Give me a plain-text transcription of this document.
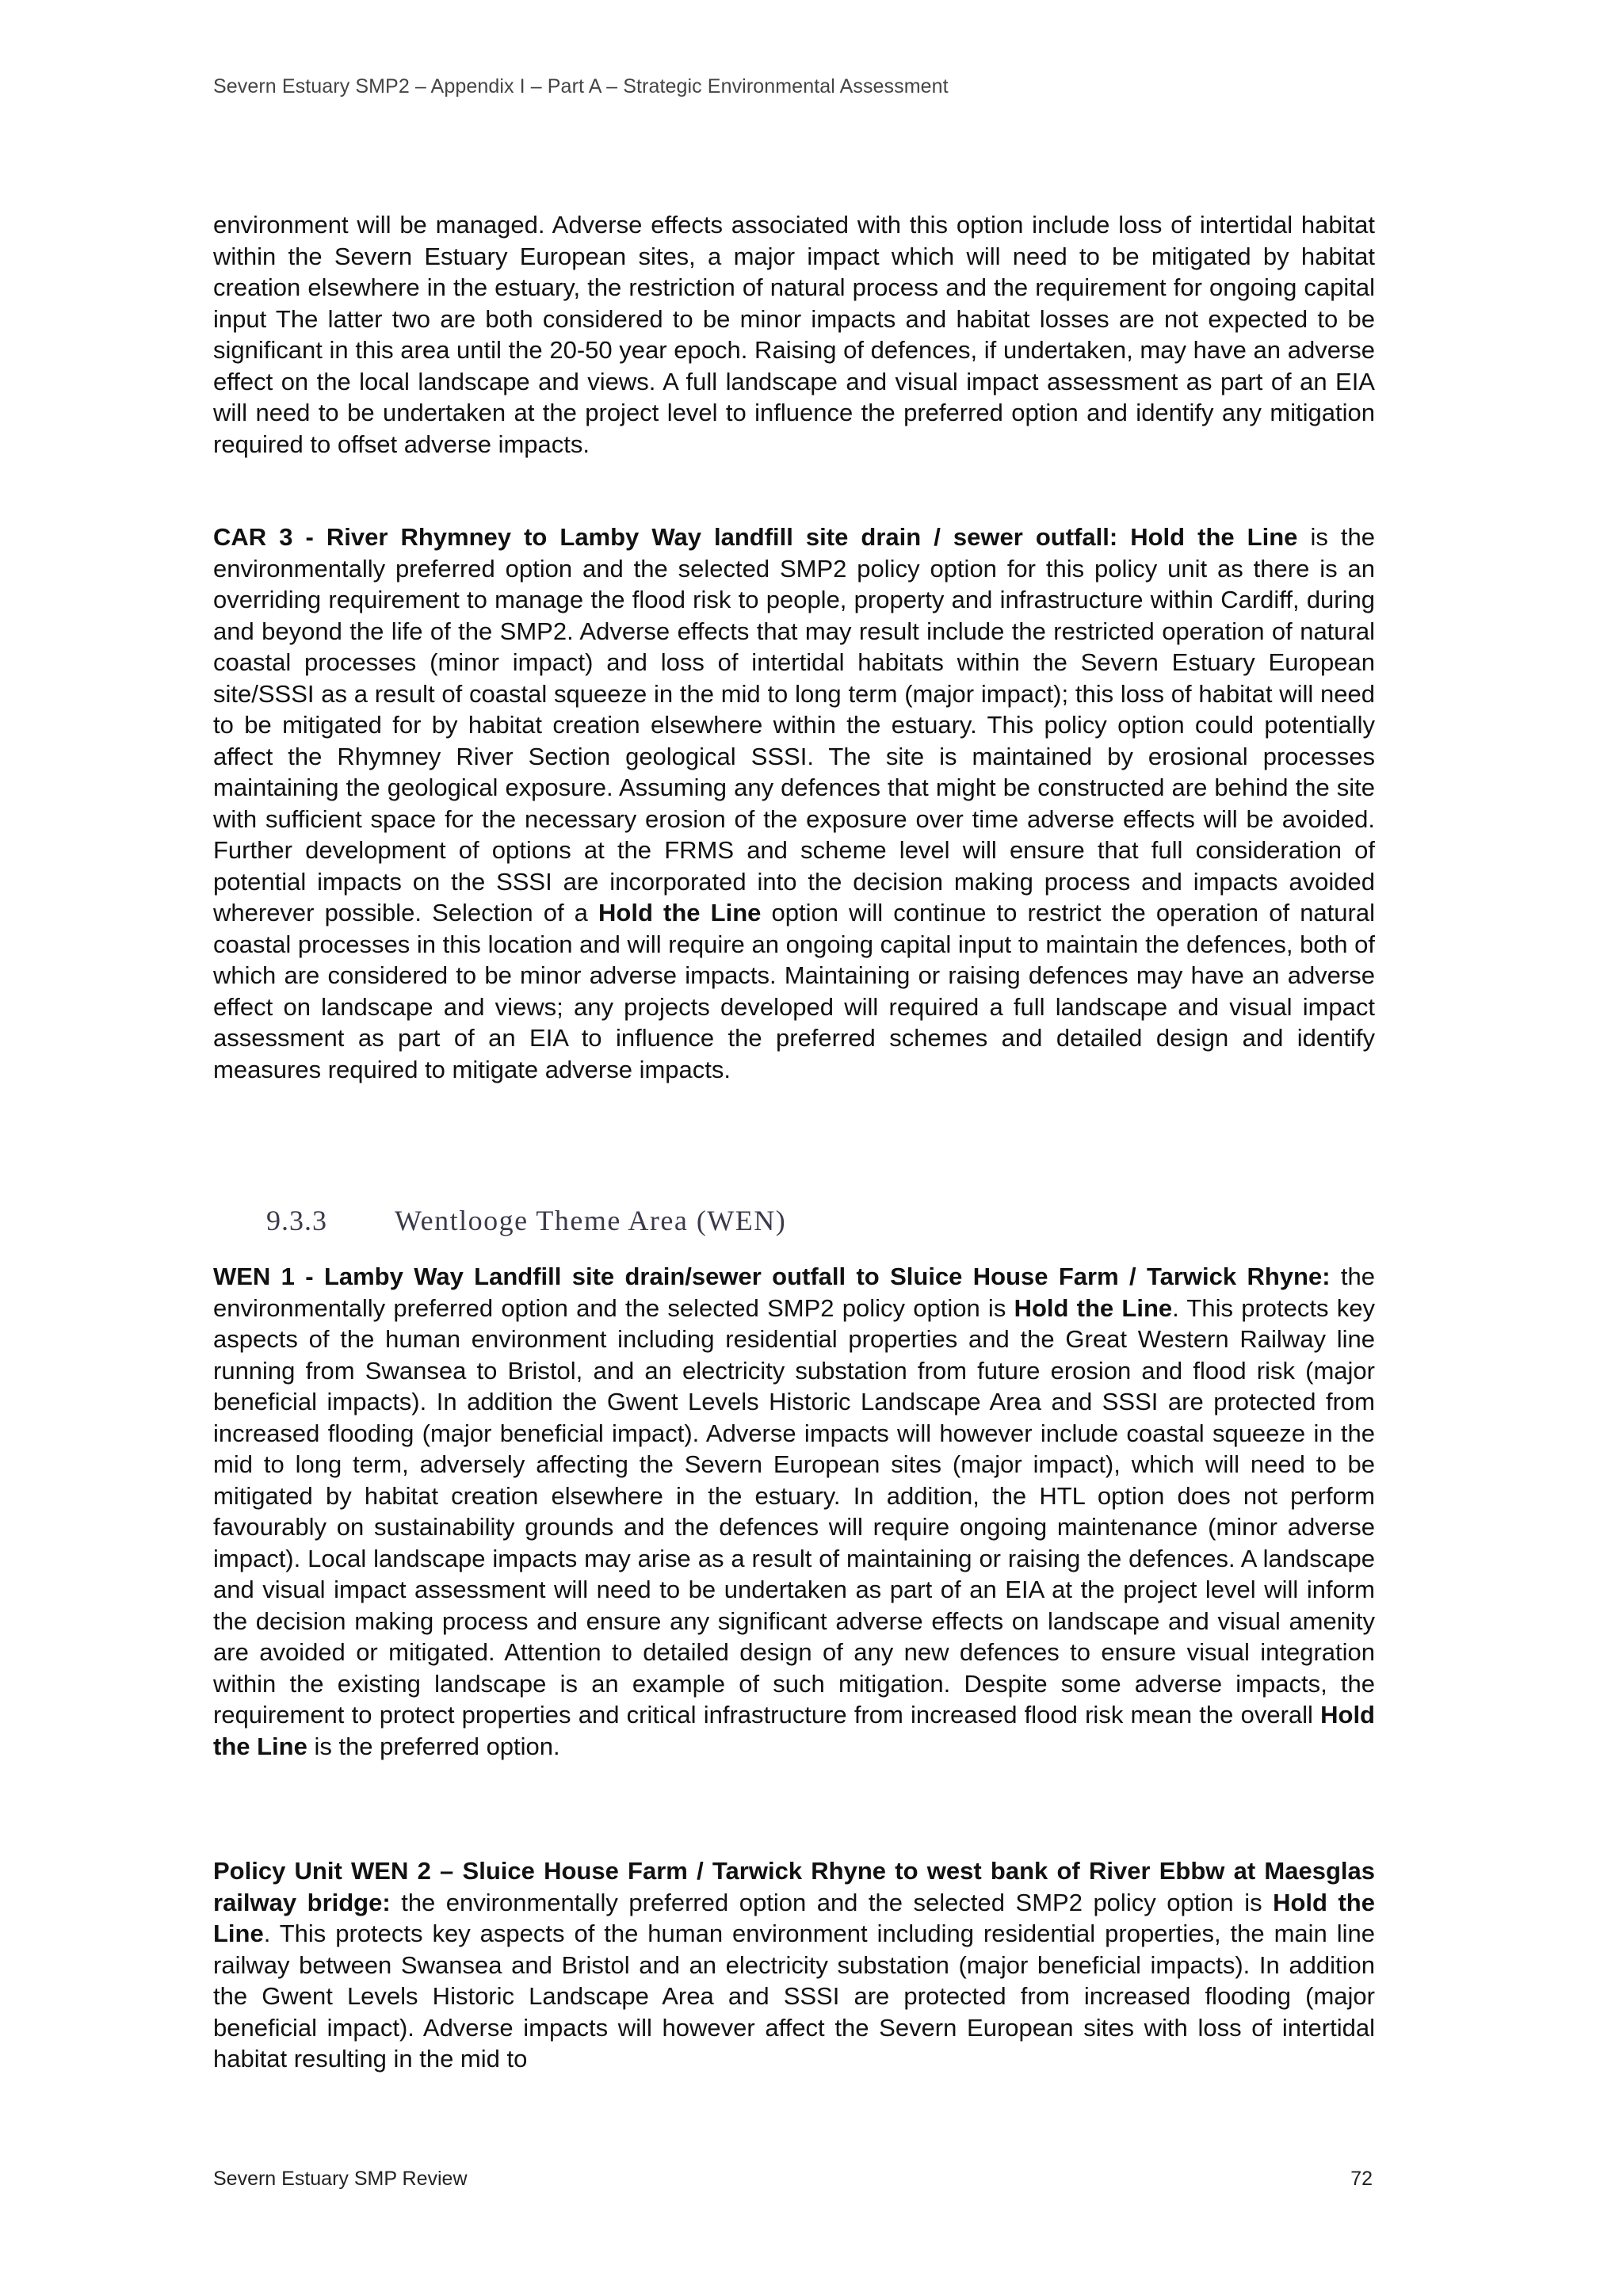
Severn Estuary SMP2 – Appendix I – Part A – Strategic Environmental Assessment

environment will be managed. Adverse effects associated with this option include loss of intertidal habitat within the Severn Estuary European sites, a major impact which will need to be mitigated by habitat creation elsewhere in the estuary, the restriction of natural process and the requirement for ongoing capital input The latter two are both considered to be minor impacts and habitat losses are not expected to be significant in this area until the 20-50 year epoch. Raising of defences, if undertaken, may have an adverse effect on the local landscape and views. A full landscape and visual impact assessment as part of an EIA will need to be undertaken at the project level to influence the preferred option and identify any mitigation required to offset adverse impacts.

CAR 3 - River Rhymney to Lamby Way landfill site drain / sewer outfall: Hold the Line is the environmentally preferred option and the selected SMP2 policy option for this policy unit as there is an overriding requirement to manage the flood risk to people, property and infrastructure within Cardiff, during and beyond the life of the SMP2. Adverse effects that may result include the restricted operation of natural coastal processes (minor impact) and loss of intertidal habitats within the Severn Estuary European site/SSSI as a result of coastal squeeze in the mid to long term (major impact); this loss of habitat will need to be mitigated for by habitat creation elsewhere within the estuary. This policy option could potentially affect the Rhymney River Section geological SSSI. The site is maintained by erosional processes maintaining the geological exposure. Assuming any defences that might be constructed are behind the site with sufficient space for the necessary erosion of the exposure over time adverse effects will be avoided. Further development of options at the FRMS and scheme level will ensure that full consideration of potential impacts on the SSSI are incorporated into the decision making process and impacts avoided wherever possible. Selection of a Hold the Line option will continue to restrict the operation of natural coastal processes in this location and will require an ongoing capital input to maintain the defences, both of which are considered to be minor adverse impacts. Maintaining or raising defences may have an adverse effect on landscape and views; any projects developed will required a full landscape and visual impact assessment as part of an EIA to influence the preferred schemes and detailed design and identify measures required to mitigate adverse impacts.

9.3.3 Wentlooge Theme Area (WEN)

WEN 1 - Lamby Way Landfill site drain/sewer outfall to Sluice House Farm / Tarwick Rhyne: the environmentally preferred option and the selected SMP2 policy option is Hold the Line. This protects key aspects of the human environment including residential properties and the Great Western Railway line running from Swansea to Bristol, and an electricity substation from future erosion and flood risk (major beneficial impacts). In addition the Gwent Levels Historic Landscape Area and SSSI are protected from increased flooding (major beneficial impact). Adverse impacts will however include coastal squeeze in the mid to long term, adversely affecting the Severn European sites (major impact), which will need to be mitigated by habitat creation elsewhere in the estuary. In addition, the HTL option does not perform favourably on sustainability grounds and the defences will require ongoing maintenance (minor adverse impact). Local landscape impacts may arise as a result of maintaining or raising the defences. A landscape and visual impact assessment will need to be undertaken as part of an EIA at the project level will inform the decision making process and ensure any significant adverse effects on landscape and visual amenity are avoided or mitigated. Attention to detailed design of any new defences to ensure visual integration within the existing landscape is an example of such mitigation. Despite some adverse impacts, the requirement to protect properties and critical infrastructure from increased flood risk mean the overall Hold the Line is the preferred option.

Policy Unit WEN 2 – Sluice House Farm / Tarwick Rhyne to west bank of River Ebbw at Maesglas railway bridge: the environmentally preferred option and the selected SMP2 policy option is Hold the Line. This protects key aspects of the human environment including residential properties, the main line railway between Swansea and Bristol and an electricity substation (major beneficial impacts). In addition the Gwent Levels Historic Landscape Area and SSSI are protected from increased flooding (major beneficial impact). Adverse impacts will however affect the Severn European sites with loss of intertidal habitat resulting in the mid to

Severn Estuary SMP Review	72
